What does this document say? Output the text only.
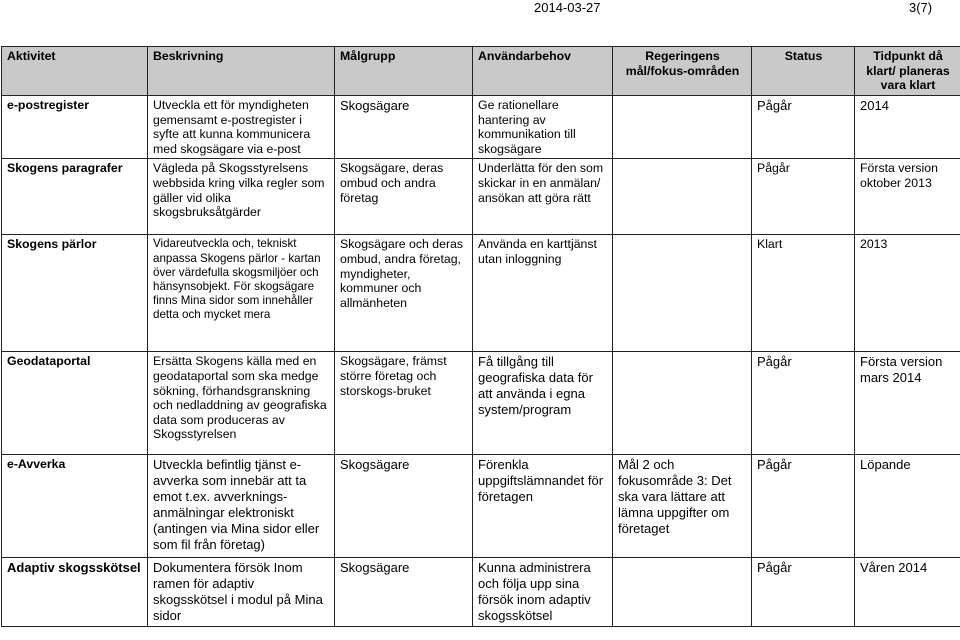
2014-03-27	3(7)
Aktivitet	Beskrivning	Målgrupp	Användarbehov	Regeringens mål/fokus-områden	Status	Tidpunkt då klart/ planeras vara klart
e-postregister	Utveckla ett för myndigheten gemensamt e-postregister i syfte att kunna kommunicera med skogsägare via e-post	Skogsägare	Ge rationellare hantering av kommunikation till skogsägare		Pågår	2014
Skogens paragrafer	Vägleda på Skogsstyrelsens webbsida kring vilka regler som gäller vid olika skogsbruksåtgärder	Skogsägare, deras ombud och andra företag	Underlätta för den som skickar in en anmälan/ ansökan att göra rätt		Pågår	Första version oktober 2013
Skogens pärlor	Vidareutveckla och, tekniskt anpassa Skogens pärlor - kartan över värdefulla skogsmiljöer och hänsynsobjekt. För skogsägare finns Mina sidor som innehåller detta och mycket mera	Skogsägare och deras ombud, andra företag, myndigheter, kommuner och allmänheten	Använda en karttjänst utan inloggning		Klart	2013
Geodataportal	Ersätta Skogens källa med en geodataportal som ska medge sökning, förhandsgranskning och nedladdning av geografiska data som produceras av Skogsstyrelsen	Skogsägare, främst större företag och storskogs-bruket	Få tillgång till geografiska data för att använda i egna system/program		Pågår	Första version mars 2014
e-Avverka	Utveckla befintlig tjänst e-avverka som innebär att ta emot t.ex. avverknings-anmälningar elektroniskt (antingen via Mina sidor eller som fil från företag)	Skogsägare	Förenkla uppgiftslämnandet för företagen	Mål 2 och fokusområde 3: Det ska vara lättare att lämna uppgifter om företaget	Pågår	Löpande
Adaptiv skogsskötsel	Dokumentera försök Inom ramen för adaptiv skogsskötsel i modul på Mina sidor	Skogsägare	Kunna administrera och följa upp sina försök inom adaptiv skogsskötsel		Pågår	Våren 2014
